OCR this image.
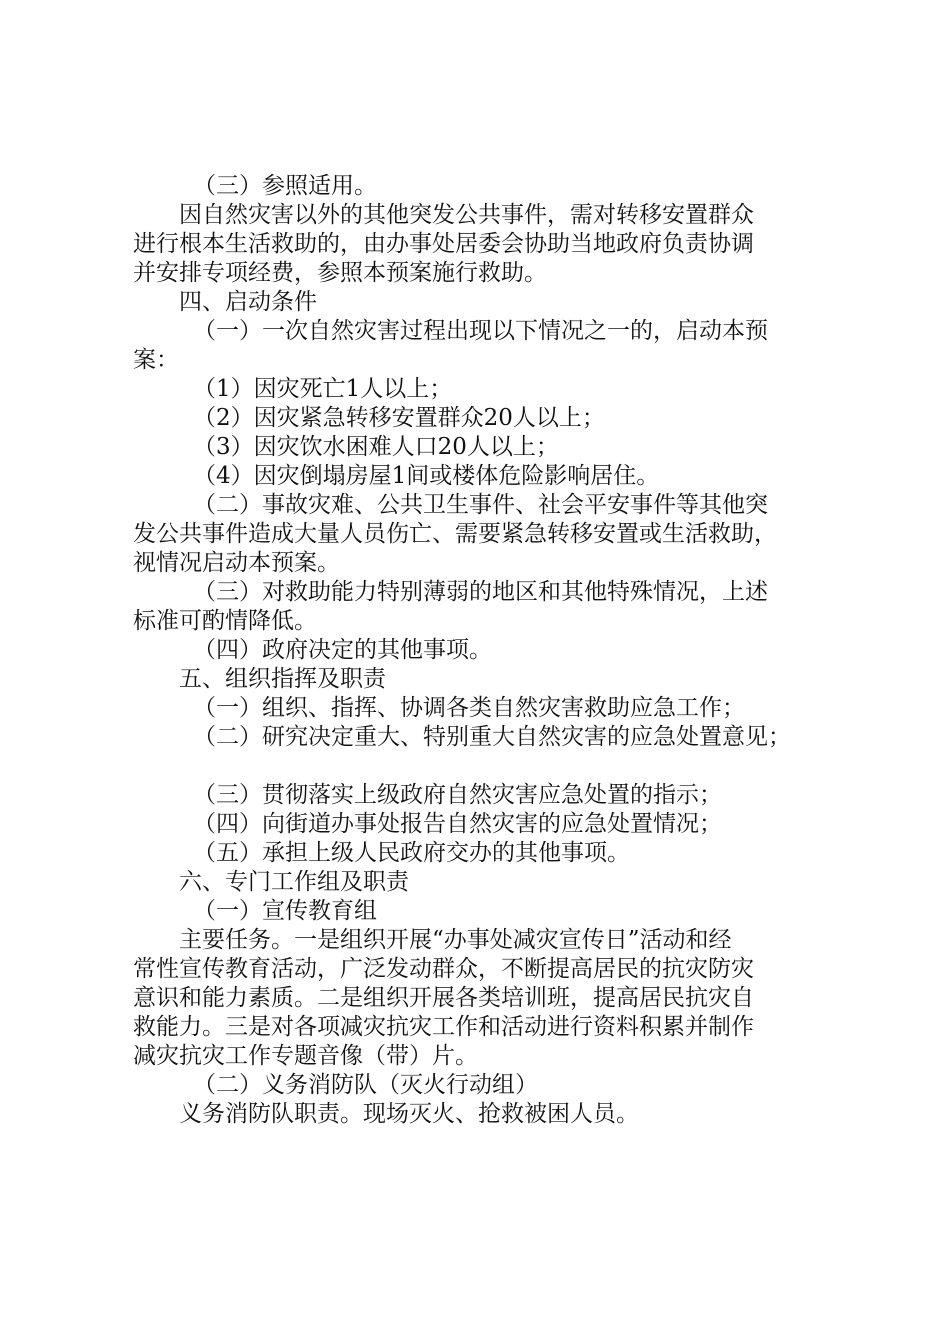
（三）参照适用。
因自然灾害以外的其他突发公共事件，需对转移安置群众
进行根本生活救助的，由办事处居委会协助当地政府负责协调
并安排专项经费，参照本预案施行救助。
四、启动条件
（一）一次自然灾害过程出现以下情况之一的，启动本预
案：
（1）因灾死亡1人以上；
（2）因灾紧急转移安置群众20人以上；
（3）因灾饮水困难人口20人以上；
（4）因灾倒塌房屋1间或楼体危险影响居住。
（二）事故灾难、公共卫生事件、社会平安事件等其他突
发公共事件造成大量人员伤亡、需要紧急转移安置或生活救助，
视情况启动本预案。
（三）对救助能力特别薄弱的地区和其他特殊情况，上述
标准可酌情降低。
（四）政府决定的其他事项。
五、组织指挥及职责
（一）组织、指挥、协调各类自然灾害救助应急工作；
（二）研究决定重大、特别重大自然灾害的应急处置意见；
（三）贯彻落实上级政府自然灾害应急处置的指示；
（四）向街道办事处报告自然灾害的应急处置情况；
（五）承担上级人民政府交办的其他事项。
六、专门工作组及职责
（一）宣传教育组
主要任务。一是组织开展“办事处减灾宣传日”活动和经
常性宣传教育活动，广泛发动群众，不断提高居民的抗灾防灾
意识和能力素质。二是组织开展各类培训班，提高居民抗灾自
救能力。三是对各项减灾抗灾工作和活动进行资料积累并制作
减灾抗灾工作专题音像（带）片。
（二）义务消防队（灭火行动组）
义务消防队职责。现场灭火、抢救被困人员。
